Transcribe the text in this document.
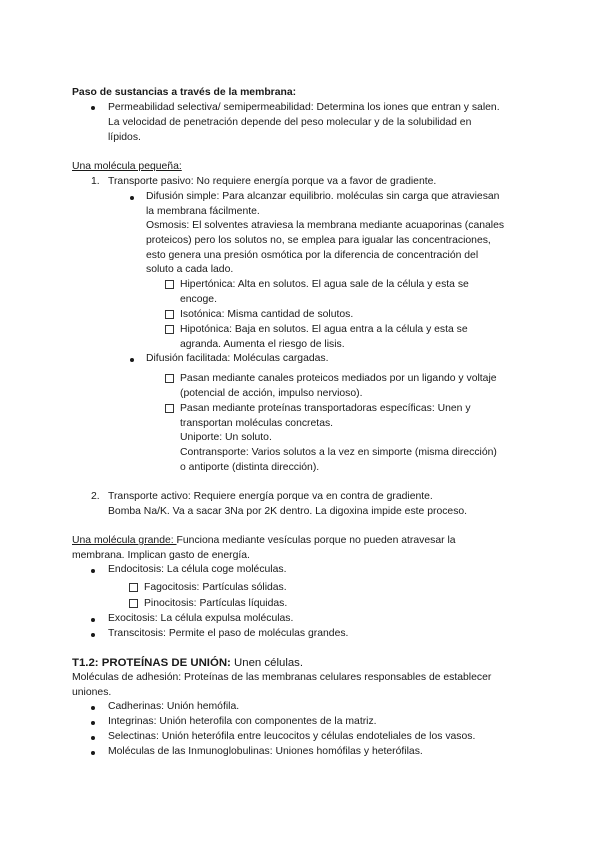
Paso de sustancias a través de la membrana:
Permeabilidad selectiva/ semipermeabilidad: Determina los iones que entran y salen.
La velocidad de penetración depende del peso molecular y de la solubilidad en
lípidos.
Una molécula pequeña:
1. Transporte pasivo: No requiere energía porque va a favor de gradiente.
Difusión simple: Para alcanzar equilibrio. moléculas sin carga que atraviesan
la membrana fácilmente.
Osmosis: El solventes atraviesa la membrana mediante acuaporinas (canales
proteicos) pero los solutos no, se emplea para igualar las concentraciones,
esto genera una presión osmótica por la diferencia de concentración del
soluto a cada lado.
Hipertónica: Alta en solutos. El agua sale de la célula y esta se
encoge.
Isotónica: Misma cantidad de solutos.
Hipotónica: Baja en solutos. El agua entra a la célula y esta se
agranda. Aumenta el riesgo de lisis.
Difusión facilitada: Moléculas cargadas.
Pasan mediante canales proteicos mediados por un ligando y voltaje
(potencial de acción, impulso nervioso).
Pasan mediante proteínas transportadoras específicas: Unen y
transportan moléculas concretas.
Uniporte: Un soluto.
Contransporte: Varios solutos a la vez en simporte (misma dirección)
o antiporte (distinta dirección).
2. Transporte activo: Requiere energía porque va en contra de gradiente.
Bomba Na/K. Va a sacar 3Na por 2K dentro. La digoxina impide este proceso.
Una molécula grande: Funciona mediante vesículas porque no pueden atravesar la
membrana. Implican gasto de energía.
Endocitosis: La célula coge moléculas.
Fagocitosis: Partículas sólidas.
Pinocitosis: Partículas líquidas.
Exocitosis: La célula expulsa moléculas.
Transcitosis: Permite el paso de moléculas grandes.
T1.2: PROTEÍNAS DE UNIÓN: Unen células.
Moléculas de adhesión: Proteínas de las membranas celulares responsables de establecer
uniones.
Cadherinas: Unión hemófila.
Integrinas: Unión heterofila con componentes de la matriz.
Selectinas: Unión heterófila entre leucocitos y células endoteliales de los vasos.
Moléculas de las Inmunoglobulinas: Uniones homófilas y heterófilas.
